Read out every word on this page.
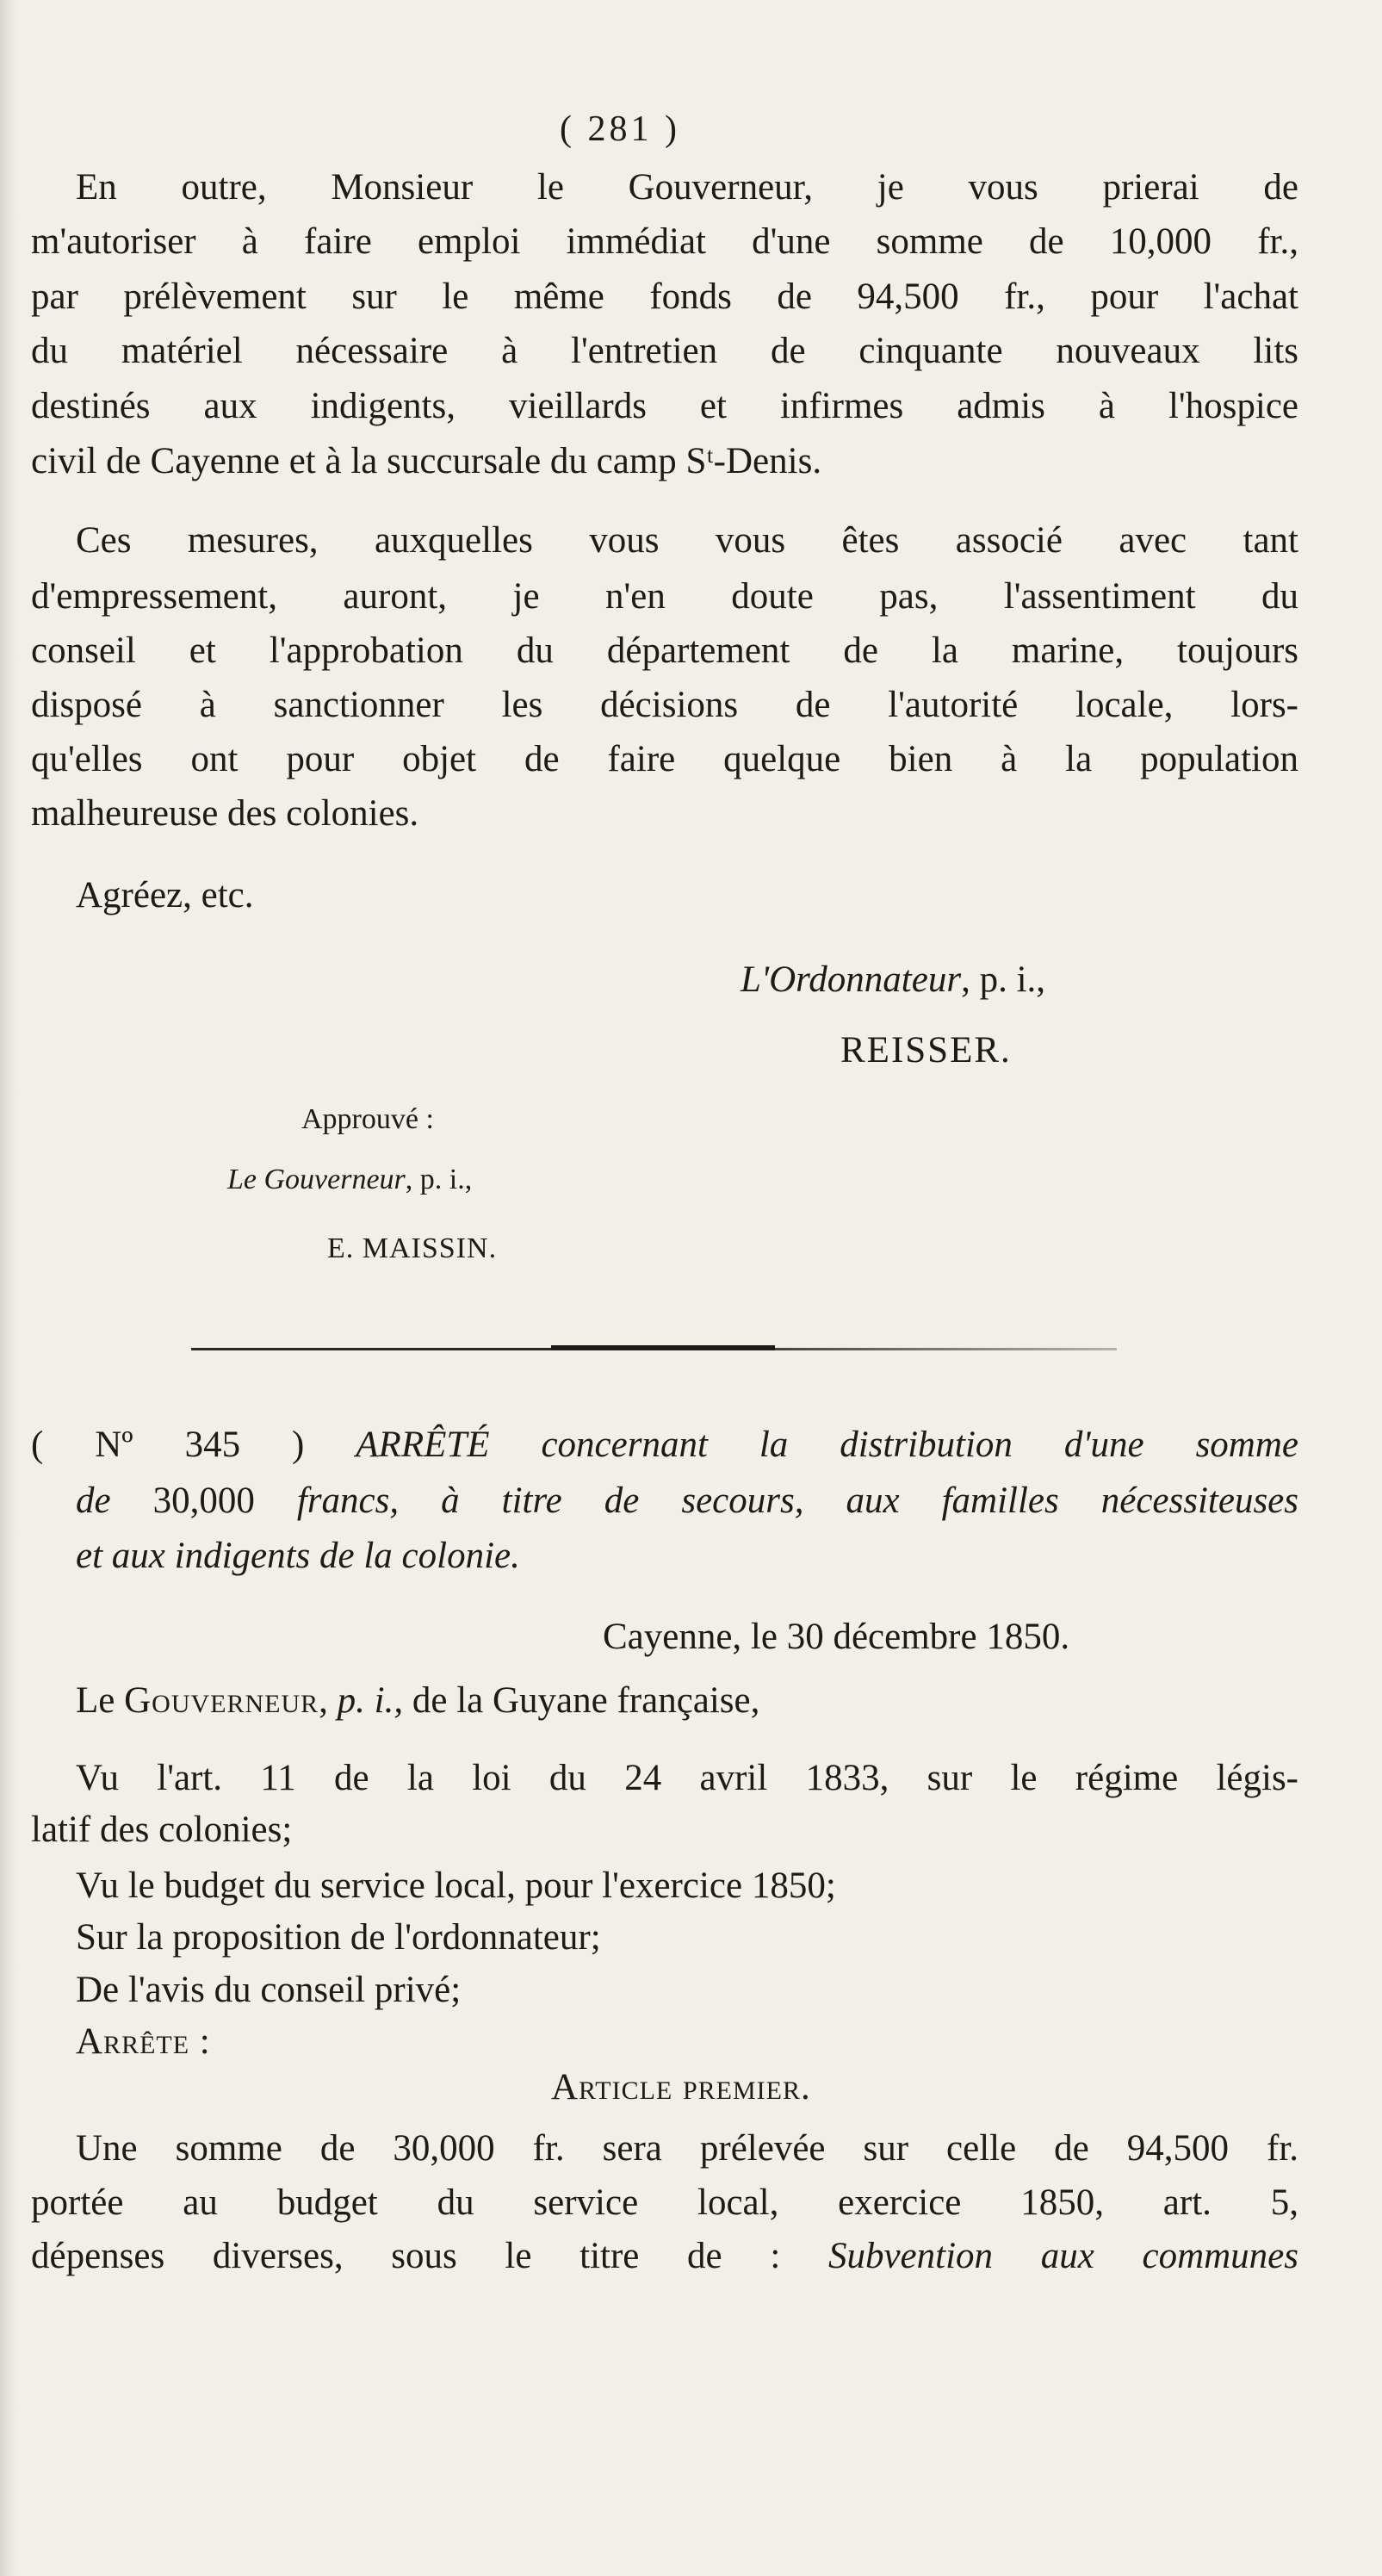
( 281 )
En outre, Monsieur le Gouverneur, je vous prierai de
m'autoriser à faire emploi immédiat d'une somme de 10,000 fr.,
par prélèvement sur le même fonds de 94,500 fr., pour l'achat
du matériel nécessaire à l'entretien de cinquante nouveaux lits
destinés aux indigents, vieillards et infirmes admis à l'hospice
civil de Cayenne et à la succursale du camp Sᵗ-Denis.
Ces mesures, auxquelles vous vous êtes associé avec tant
d'empressement, auront, je n'en doute pas, l'assentiment du
conseil et l'approbation du département de la marine, toujours
disposé à sanctionner les décisions de l'autorité locale, lors-
qu'elles ont pour objet de faire quelque bien à la population
malheureuse des colonies.
Agréez, etc.
L'Ordonnateur, p. i.,
REISSER.
Approuvé :
Le Gouverneur, p. i.,
E. MAISSIN.
( Nº 345 ) ARRÊTÉ concernant la distribution d'une somme
de 30,000 francs, à titre de secours, aux familles nécessiteuses
et aux indigents de la colonie.
Cayenne, le 30 décembre 1850.
Le Gouverneur, p. i., de la Guyane française,
Vu l'art. 11 de la loi du 24 avril 1833, sur le régime légis-
latif des colonies;
Vu le budget du service local, pour l'exercice 1850;
Sur la proposition de l'ordonnateur;
De l'avis du conseil privé;
Arrête :
Article premier.
Une somme de 30,000 fr. sera prélevée sur celle de 94,500 fr.
portée au budget du service local, exercice 1850, art. 5,
dépenses diverses, sous le titre de : Subvention aux communes
